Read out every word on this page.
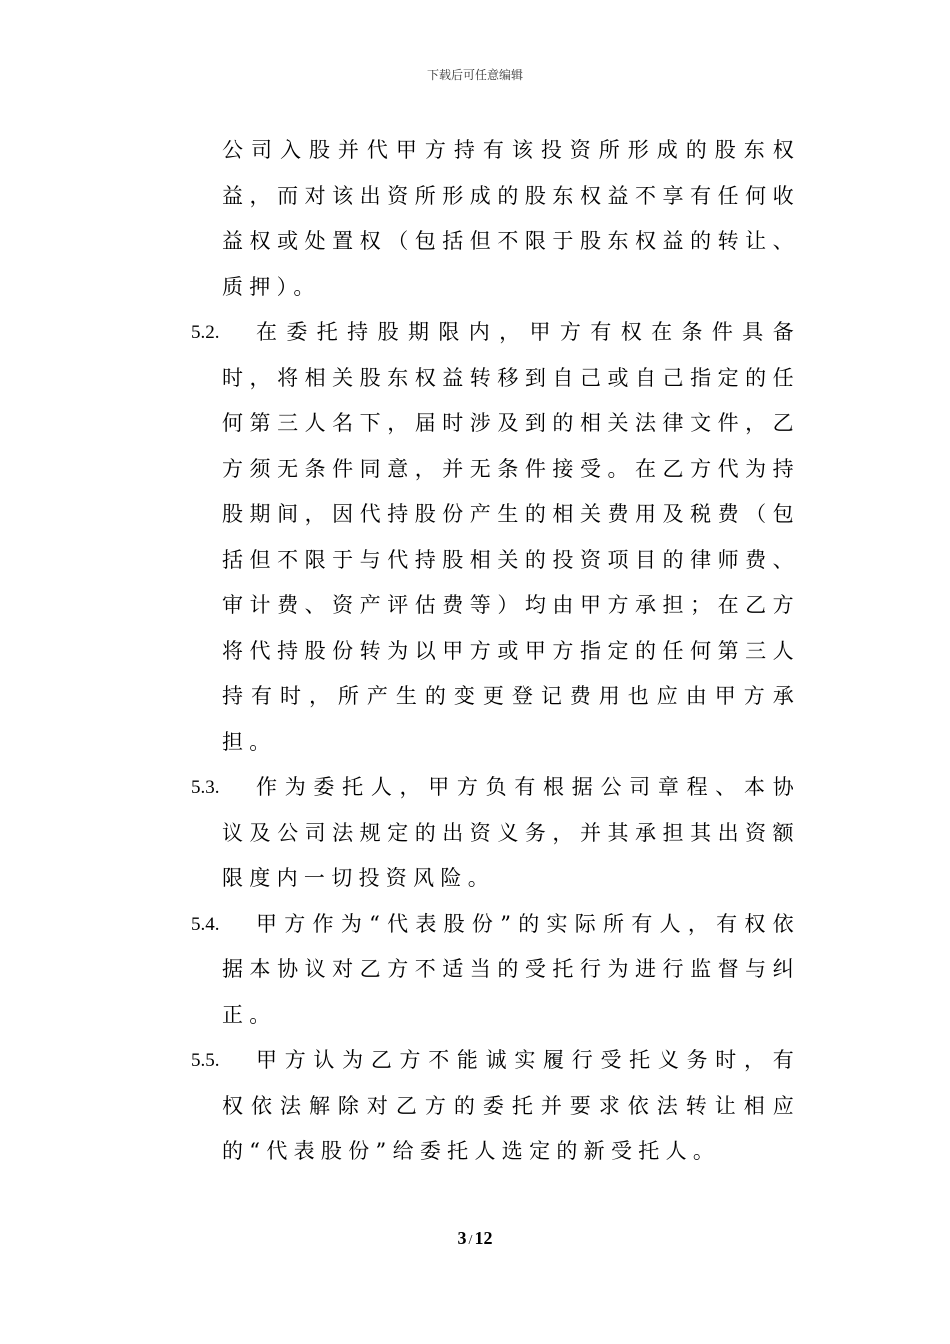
下载后可任意编辑
公司入股并代甲方持有该投资所形成的股东权益，而对该出资所形成的股东权益不享有任何收益权或处置权（包括但不限于股东权益的转让、质押）。
5.2.	在委托持股期限内，甲方有权在条件具备时，将相关股东权益转移到自己或自己指定的任何第三人名下，届时涉及到的相关法律文件，乙方须无条件同意，并无条件接受。在乙方代为持股期间，因代持股份产生的相关费用及税费（包括但不限于与代持股相关的投资项目的律师费、审计费、资产评估费等）均由甲方承担；在乙方将代持股份转为以甲方或甲方指定的任何第三人持有时，所产生的变更登记费用也应由甲方承担。
5.3.	作为委托人，甲方负有根据公司章程、本协议及公司法规定的出资义务，并其承担其出资额限度内一切投资风险。
5.4.	甲方作为“代表股份”的实际所有人，有权依据本协议对乙方不适当的受托行为进行监督与纠正。
5.5.	甲方认为乙方不能诚实履行受托义务时，有权依法解除对乙方的委托并要求依法转让相应的“代表股份”给委托人选定的新受托人。
3 / 12
